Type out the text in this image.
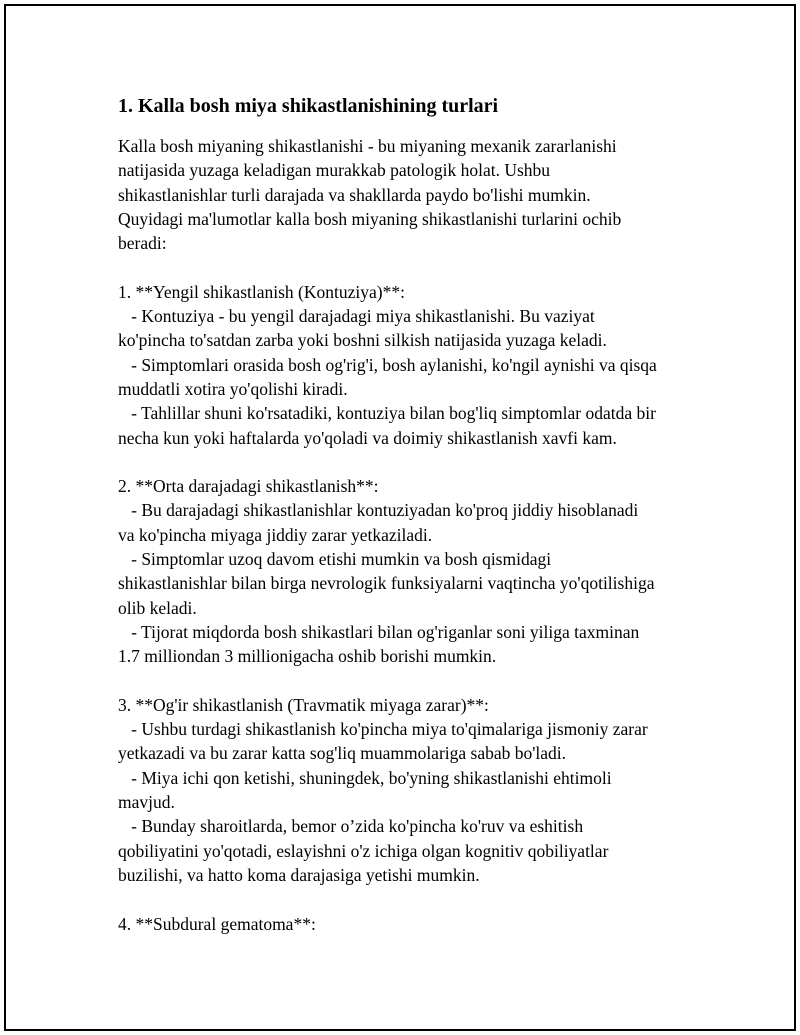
1. Kalla bosh miya shikastlanishining turlari

Kalla bosh miyaning shikastlanishi - bu miyaning mexanik zararlanishi

natijasida yuzaga keladigan murakkab patologik holat. Ushbu

shikastlanishlar turli darajada va shakllarda paydo bo'lishi mumkin.

Quyidagi ma'lumotlar kalla bosh miyaning shikastlanishi turlarini ochib

beradi:

1. **Yengil shikastlanish (Kontuziya)**:

- Kontuziya - bu yengil darajadagi miya shikastlanishi. Bu vaziyat

ko'pincha to'satdan zarba yoki boshni silkish natijasida yuzaga keladi.

- Simptomlari orasida bosh og'rig'i, bosh aylanishi, ko'ngil aynishi va qisqa

muddatli xotira yo'qolishi kiradi.

- Tahlillar shuni ko'rsatadiki, kontuziya bilan bog'liq simptomlar odatda bir

necha kun yoki haftalarda yo'qoladi va doimiy shikastlanish xavfi kam.

2. **Orta darajadagi shikastlanish**:

- Bu darajadagi shikastlanishlar kontuziyadan ko'proq jiddiy hisoblanadi

va ko'pincha miyaga jiddiy zarar yetkaziladi.

- Simptomlar uzoq davom etishi mumkin va bosh qismidagi

shikastlanishlar bilan birga nevrologik funksiyalarni vaqtincha yo'qotilishiga

olib keladi.

- Tijorat miqdorda bosh shikastlari bilan og'riganlar soni yiliga taxminan

1.7 milliondan 3 millionigacha oshib borishi mumkin.

3. **Og'ir shikastlanish (Travmatik miyaga zarar)**:

- Ushbu turdagi shikastlanish ko'pincha miya to'qimalariga jismoniy zarar

yetkazadi va bu zarar katta sog'liq muammolariga sabab bo'ladi.

- Miya ichi qon ketishi, shuningdek, bo'yning shikastlanishi ehtimoli

mavjud.

- Bunday sharoitlarda, bemor o’zida ko'pincha ko'ruv va eshitish

qobiliyatini yo'qotadi, eslayishni o'z ichiga olgan kognitiv qobiliyatlar

buzilishi, va hatto koma darajasiga yetishi mumkin.

4. **Subdural gematoma**:
